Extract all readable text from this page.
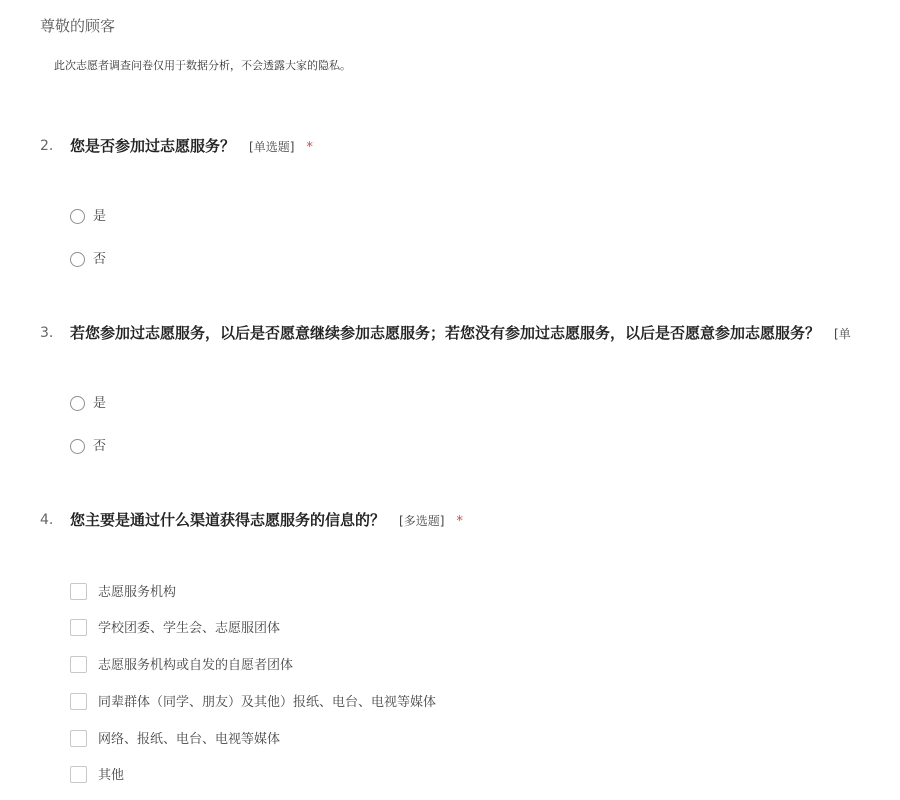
尊敬的顾客
此次志愿者调查问卷仅用于数据分析，不会透露大家的隐私。
2. 您是否参加过志愿服务？ [单选题] *
是
否
3. 若您参加过志愿服务，以后是否愿意继续参加志愿服务；若您没有参加过志愿服务，以后是否愿意参加志愿服务？ [单
是
否
4. 您主要是通过什么渠道获得志愿服务的信息的？ [多选题] *
志愿服务机构
学校团委、学生会、志愿服团体
志愿服务机构或自发的自愿者团体
同辈群体（同学、朋友）及其他）报纸、电台、电视等媒体
网络、报纸、电台、电视等媒体
其他
